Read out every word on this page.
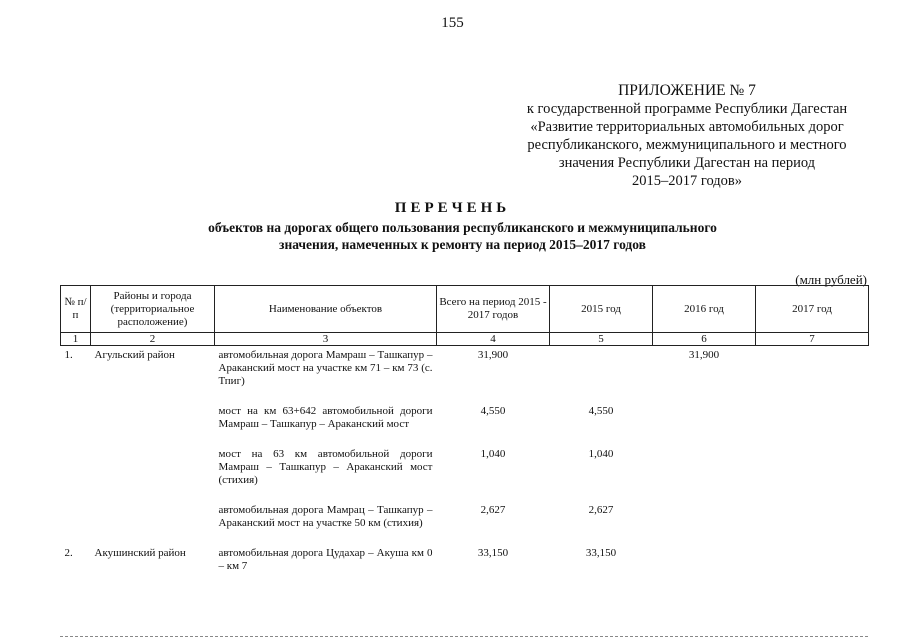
155
ПРИЛОЖЕНИЕ № 7
к государственной программе Республики Дагестан
«Развитие территориальных автомобильных дорог
республиканского, межмуниципального и местного
значения Республики Дагестан на период
2015–2017 годов»
ПЕРЕЧЕНЬ
объектов на дорогах общего пользования республиканского и межмуниципального
значения, намеченных к ремонту на период 2015–2017 годов
(млн рублей)
№ п/п	Районы и города (территориальное расположение)	Наименование объектов	Всего на период 2015 - 2017 годов	2015 год	2016 год	2017 год
1	2	3	4	5	6	7
1.	Агульский район	автомобильная дорога Мамраш – Ташкапур – Араканский мост на участке км 71 – км 73 (с. Тпиг)	31,900		31,900	
		мост на км 63+642 автомобильной дороги Мамраш – Ташкапур – Араканский мост	4,550	4,550		
		мост на 63 км автомобильной дороги Мамраш – Ташкапур – Араканский мост (стихия)	1,040	1,040		
		автомобильная дорога Мамрац – Ташкапур – Араканский мост на участке 50 км (стихия)	2,627	2,627		
2.	Акушинский район	автомобильная дорога Цудахар – Акуша км 0 – км 7	33,150	33,150		
